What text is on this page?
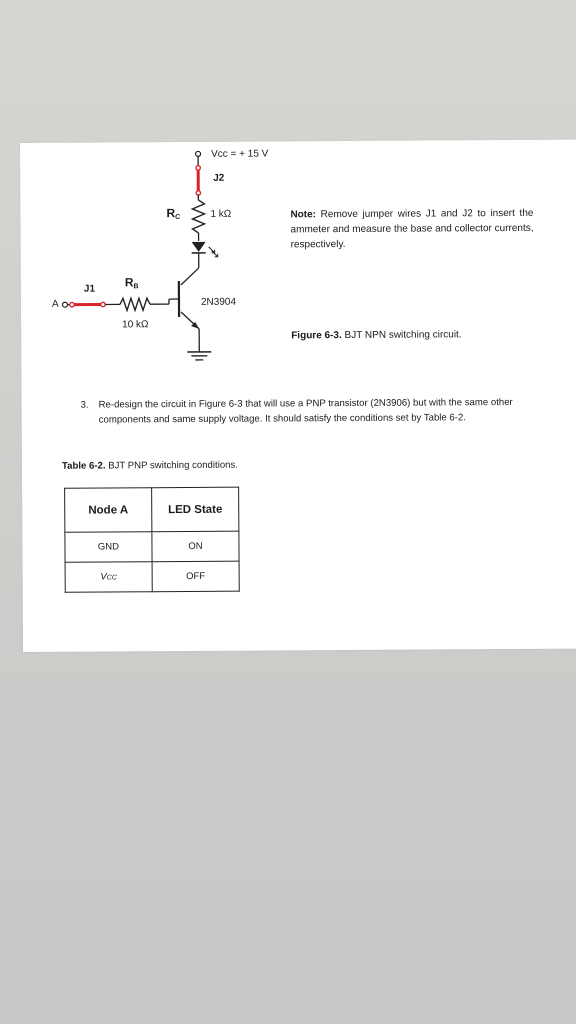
Vcc = + 15 V
J2
$R_C$	1 kΩ
J1 $R_B$
10 kΩ
A	2N3904
Note: Remove jumper wires J1 and J2 to insert the ammeter and measure the base and collector currents, respectively.
Figure 6-3. BJT NPN switching circuit.
3. Re-design the circuit in Figure 6-3 that will use a PNP transistor (2N3906) but with the same other components and same supply voltage. It should satisfy the conditions set by Table 6-2.
Table 6-2. BJT PNP switching conditions.
Node A	LED State
GND	ON
VCC	OFF
